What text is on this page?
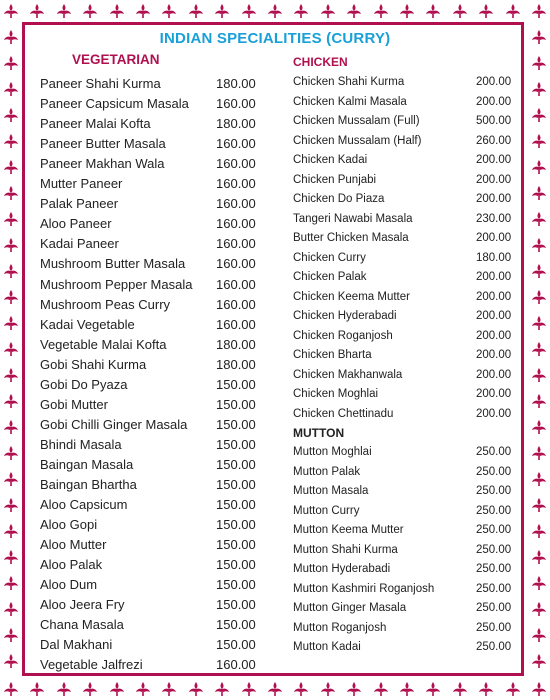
INDIAN SPECIALITIES (CURRY)
VEGETARIAN	CHICKEN
MUTTON
Paneer Shahi Kurma	180.00
Paneer Capsicum Masala 160.00
Paneer Malai Kofta	180.00
Paneer Butter Masala	160.00
Paneer Makhan Wala	160.00
Mutter Paneer	160.00
Palak Paneer	160.00
Aloo Paneer	160.00
Kadai Paneer	160.00
Mushroom Butter Masala 160.00
Mushroom Pepper Masala 160.00
Mushroom Peas Curry	160.00
Kadai Vegetable	160.00
Vegetable Malai Kofta	180.00
Gobi Shahi Kurma	180.00
Gobi Do Pyaza	150.00
Gobi Mutter	150.00
Gobi Chilli Ginger Masala 150.00
Bhindi Masala	150.00
Baingan Masala	150.00
Baingan Bhartha	150.00
Aloo Capsicum	150.00
Aloo Gopi	150.00
Aloo Mutter	150.00
Aloo Palak	150.00
Aloo Dum	150.00
Aloo Jeera Fry	150.00
Chana Masala	150.00
Dal Makhani	150.00
Vegetable Jalfrezi	160.00
Chicken Shahi Kurma	200.00
Chicken Kalmi Masala	200.00
Chicken Mussalam (Full)	500.00
Chicken Mussalam (Half)	260.00
Chicken Kadai	200.00
Chicken Punjabi	200.00
Chicken Do Piaza	200.00
Tangeri Nawabi Masala	230.00
Butter Chicken Masala	200.00
Chicken Curry	180.00
Chicken Palak	200.00
Chicken Keema Mutter	200.00
Chicken Hyderabadi	200.00
Chicken Roganjosh	200.00
Chicken Bharta	200.00
Chicken Makhanwala	200.00
Chicken Moghlai	200.00
Chicken Chettinadu	200.00
Mutton Moghlai	250.00
Mutton Palak	250.00
Mutton Masala	250.00
Mutton Curry	250.00
Mutton Keema Mutter	250.00
Mutton Shahi Kurma	250.00
Mutton Hyderabadi	250.00
Mutton Kashmiri Roganjosh	250.00
Mutton Ginger Masala	250.00
Mutton Roganjosh	250.00
Mutton Kadai	250.00
